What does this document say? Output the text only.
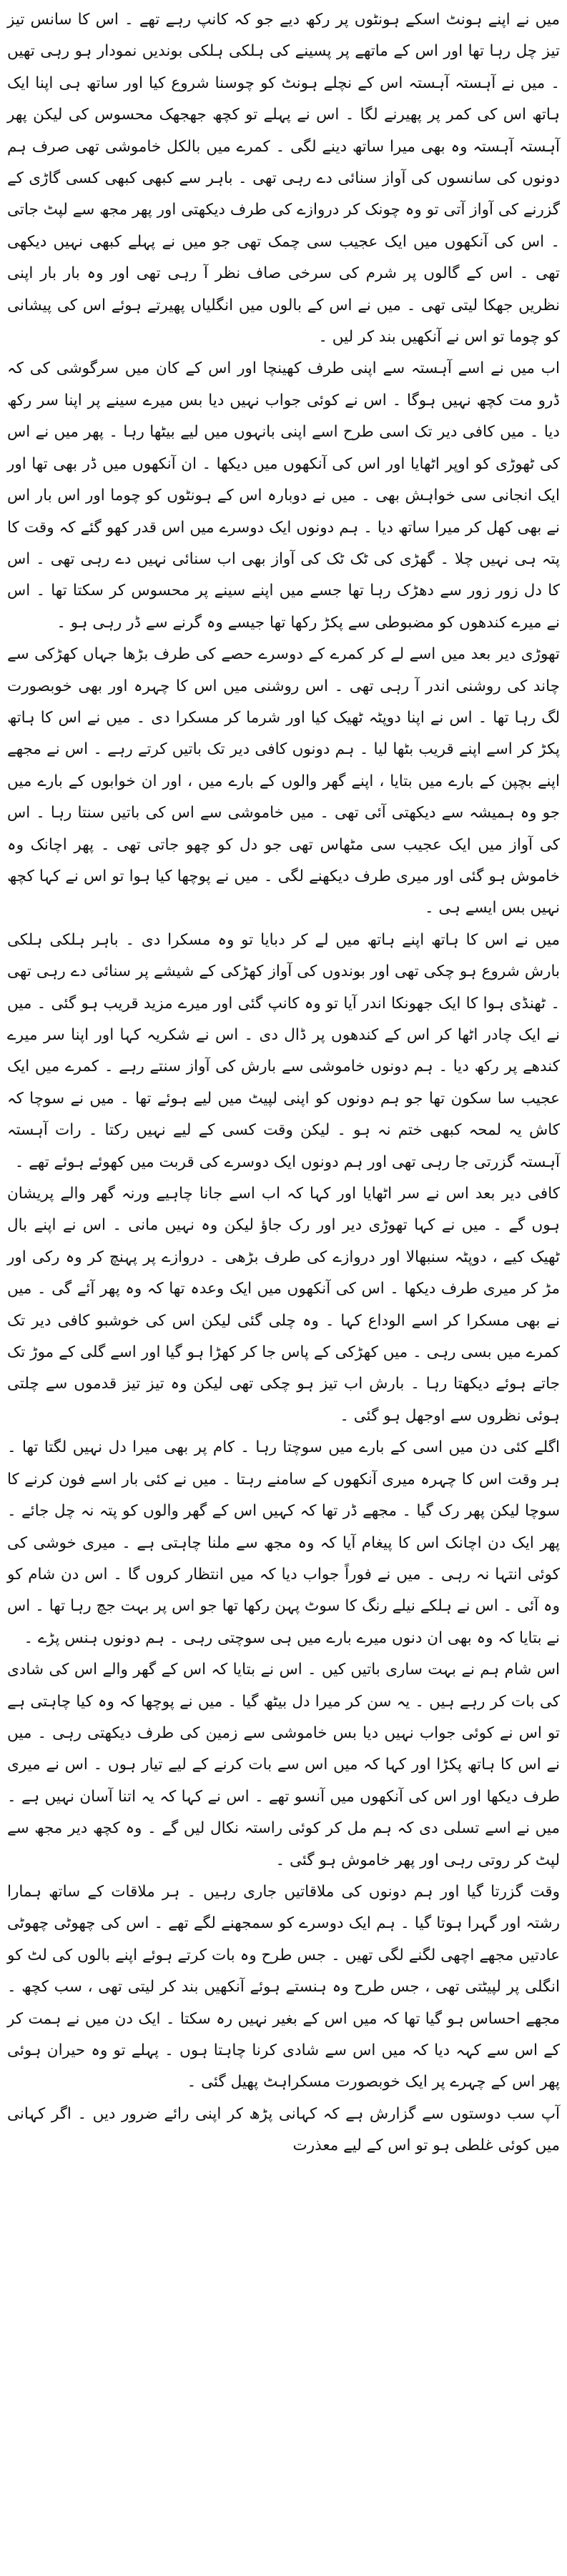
میں نے اپنے ہونٹ اسکے ہونٹوں پر رکھ دیے جو کہ کانپ رہے تھے ۔ اس کا سانس تیز تیز چل رہا تھا اور اس کے ماتھے پر پسینے کی ہلکی ہلکی بوندیں نمودار ہو رہی تھیں ۔ میں نے آہستہ آہستہ اس کے نچلے ہونٹ کو چوسنا شروع کیا اور ساتھ ہی اپنا ایک ہاتھ اس کی کمر پر پھیرنے لگا ۔ اس نے پہلے تو کچھ جھجھک محسوس کی لیکن پھر آہستہ آہستہ وہ بھی میرا ساتھ دینے لگی ۔ کمرے میں بالکل خاموشی تھی صرف ہم دونوں کی سانسوں کی آواز سنائی دے رہی تھی ۔ باہر سے کبھی کبھی کسی گاڑی کے گزرنے کی آواز آتی تو وہ چونک کر دروازے کی طرف دیکھتی اور پھر مجھ سے لپٹ جاتی ۔ اس کی آنکھوں میں ایک عجیب سی چمک تھی جو میں نے پہلے کبھی نہیں دیکھی تھی ۔ اس کے گالوں پر شرم کی سرخی صاف نظر آ رہی تھی اور وہ بار بار اپنی نظریں جھکا لیتی تھی ۔ میں نے اس کے بالوں میں انگلیاں پھیرتے ہوئے اس کی پیشانی کو چوما تو اس نے آنکھیں بند کر لیں ۔

اب میں نے اسے آہستہ سے اپنی طرف کھینچا اور اس کے کان میں سرگوشی کی کہ ڈرو مت کچھ نہیں ہوگا ۔ اس نے کوئی جواب نہیں دیا بس میرے سینے پر اپنا سر رکھ دیا ۔ میں کافی دیر تک اسی طرح اسے اپنی بانہوں میں لیے بیٹھا رہا ۔ پھر میں نے اس کی ٹھوڑی کو اوپر اٹھایا اور اس کی آنکھوں میں دیکھا ۔ ان آنکھوں میں ڈر بھی تھا اور ایک انجانی سی خواہش بھی ۔ میں نے دوبارہ اس کے ہونٹوں کو چوما اور اس بار اس نے بھی کھل کر میرا ساتھ دیا ۔ ہم دونوں ایک دوسرے میں اس قدر کھو گئے کہ وقت کا پتہ ہی نہیں چلا ۔ گھڑی کی ٹک ٹک کی آواز بھی اب سنائی نہیں دے رہی تھی ۔ اس کا دل زور زور سے دھڑک رہا تھا جسے میں اپنے سینے پر محسوس کر سکتا تھا ۔ اس نے میرے کندھوں کو مضبوطی سے پکڑ رکھا تھا جیسے وہ گرنے سے ڈر رہی ہو ۔

تھوڑی دیر بعد میں اسے لے کر کمرے کے دوسرے حصے کی طرف بڑھا جہاں کھڑکی سے چاند کی روشنی اندر آ رہی تھی ۔ اس روشنی میں اس کا چہرہ اور بھی خوبصورت لگ رہا تھا ۔ اس نے اپنا دوپٹہ ٹھیک کیا اور شرما کر مسکرا دی ۔ میں نے اس کا ہاتھ پکڑ کر اسے اپنے قریب بٹھا لیا ۔ ہم دونوں کافی دیر تک باتیں کرتے رہے ۔ اس نے مجھے اپنے بچپن کے بارے میں بتایا ، اپنے گھر والوں کے بارے میں ، اور ان خوابوں کے بارے میں جو وہ ہمیشہ سے دیکھتی آئی تھی ۔ میں خاموشی سے اس کی باتیں سنتا رہا ۔ اس کی آواز میں ایک عجیب سی مٹھاس تھی جو دل کو چھو جاتی تھی ۔ پھر اچانک وہ خاموش ہو گئی اور میری طرف دیکھنے لگی ۔ میں نے پوچھا کیا ہوا تو اس نے کہا کچھ نہیں بس ایسے ہی ۔

میں نے اس کا ہاتھ اپنے ہاتھ میں لے کر دبایا تو وہ مسکرا دی ۔ باہر ہلکی ہلکی بارش شروع ہو چکی تھی اور بوندوں کی آواز کھڑکی کے شیشے پر سنائی دے رہی تھی ۔ ٹھنڈی ہوا کا ایک جھونکا اندر آیا تو وہ کانپ گئی اور میرے مزید قریب ہو گئی ۔ میں نے ایک چادر اٹھا کر اس کے کندھوں پر ڈال دی ۔ اس نے شکریہ کہا اور اپنا سر میرے کندھے پر رکھ دیا ۔ ہم دونوں خاموشی سے بارش کی آواز سنتے رہے ۔ کمرے میں ایک عجیب سا سکون تھا جو ہم دونوں کو اپنی لپیٹ میں لیے ہوئے تھا ۔ میں نے سوچا کہ کاش یہ لمحہ کبھی ختم نہ ہو ۔ لیکن وقت کسی کے لیے نہیں رکتا ۔ رات آہستہ آہستہ گزرتی جا رہی تھی اور ہم دونوں ایک دوسرے کی قربت میں کھوئے ہوئے تھے ۔

کافی دیر بعد اس نے سر اٹھایا اور کہا کہ اب اسے جانا چاہیے ورنہ گھر والے پریشان ہوں گے ۔ میں نے کہا تھوڑی دیر اور رک جاؤ لیکن وہ نہیں مانی ۔ اس نے اپنے بال ٹھیک کیے ، دوپٹہ سنبھالا اور دروازے کی طرف بڑھی ۔ دروازے پر پہنچ کر وہ رکی اور مڑ کر میری طرف دیکھا ۔ اس کی آنکھوں میں ایک وعدہ تھا کہ وہ پھر آئے گی ۔ میں نے بھی مسکرا کر اسے الوداع کہا ۔ وہ چلی گئی لیکن اس کی خوشبو کافی دیر تک کمرے میں بسی رہی ۔ میں کھڑکی کے پاس جا کر کھڑا ہو گیا اور اسے گلی کے موڑ تک جاتے ہوئے دیکھتا رہا ۔ بارش اب تیز ہو چکی تھی لیکن وہ تیز تیز قدموں سے چلتی ہوئی نظروں سے اوجھل ہو گئی ۔

اگلے کئی دن میں اسی کے بارے میں سوچتا رہا ۔ کام پر بھی میرا دل نہیں لگتا تھا ۔ ہر وقت اس کا چہرہ میری آنکھوں کے سامنے رہتا ۔ میں نے کئی بار اسے فون کرنے کا سوچا لیکن پھر رک گیا ۔ مجھے ڈر تھا کہ کہیں اس کے گھر والوں کو پتہ نہ چل جائے ۔ پھر ایک دن اچانک اس کا پیغام آیا کہ وہ مجھ سے ملنا چاہتی ہے ۔ میری خوشی کی کوئی انتہا نہ رہی ۔ میں نے فوراً جواب دیا کہ میں انتظار کروں گا ۔ اس دن شام کو وہ آئی ۔ اس نے ہلکے نیلے رنگ کا سوٹ پہن رکھا تھا جو اس پر بہت جچ رہا تھا ۔ اس نے بتایا کہ وہ بھی ان دنوں میرے بارے میں ہی سوچتی رہی ۔ ہم دونوں ہنس پڑے ۔

اس شام ہم نے بہت ساری باتیں کیں ۔ اس نے بتایا کہ اس کے گھر والے اس کی شادی کی بات کر رہے ہیں ۔ یہ سن کر میرا دل بیٹھ گیا ۔ میں نے پوچھا کہ وہ کیا چاہتی ہے تو اس نے کوئی جواب نہیں دیا بس خاموشی سے زمین کی طرف دیکھتی رہی ۔ میں نے اس کا ہاتھ پکڑا اور کہا کہ میں اس سے بات کرنے کے لیے تیار ہوں ۔ اس نے میری طرف دیکھا اور اس کی آنکھوں میں آنسو تھے ۔ اس نے کہا کہ یہ اتنا آسان نہیں ہے ۔ میں نے اسے تسلی دی کہ ہم مل کر کوئی راستہ نکال لیں گے ۔ وہ کچھ دیر مجھ سے لپٹ کر روتی رہی اور پھر خاموش ہو گئی ۔

وقت گزرتا گیا اور ہم دونوں کی ملاقاتیں جاری رہیں ۔ ہر ملاقات کے ساتھ ہمارا رشتہ اور گہرا ہوتا گیا ۔ ہم ایک دوسرے کو سمجھنے لگے تھے ۔ اس کی چھوٹی چھوٹی عادتیں مجھے اچھی لگنے لگی تھیں ۔ جس طرح وہ بات کرتے ہوئے اپنے بالوں کی لٹ کو انگلی پر لپیٹتی تھی ، جس طرح وہ ہنستے ہوئے آنکھیں بند کر لیتی تھی ، سب کچھ ۔ مجھے احساس ہو گیا تھا کہ میں اس کے بغیر نہیں رہ سکتا ۔ ایک دن میں نے ہمت کر کے اس سے کہہ دیا کہ میں اس سے شادی کرنا چاہتا ہوں ۔ پہلے تو وہ حیران ہوئی پھر اس کے چہرے پر ایک خوبصورت مسکراہٹ پھیل گئی ۔

آپ سب دوستوں سے گزارش ہے کہ کہانی پڑھ کر اپنی رائے ضرور دیں ۔ اگر کہانی میں کوئی غلطی ہو تو اس کے لیے معذرت
